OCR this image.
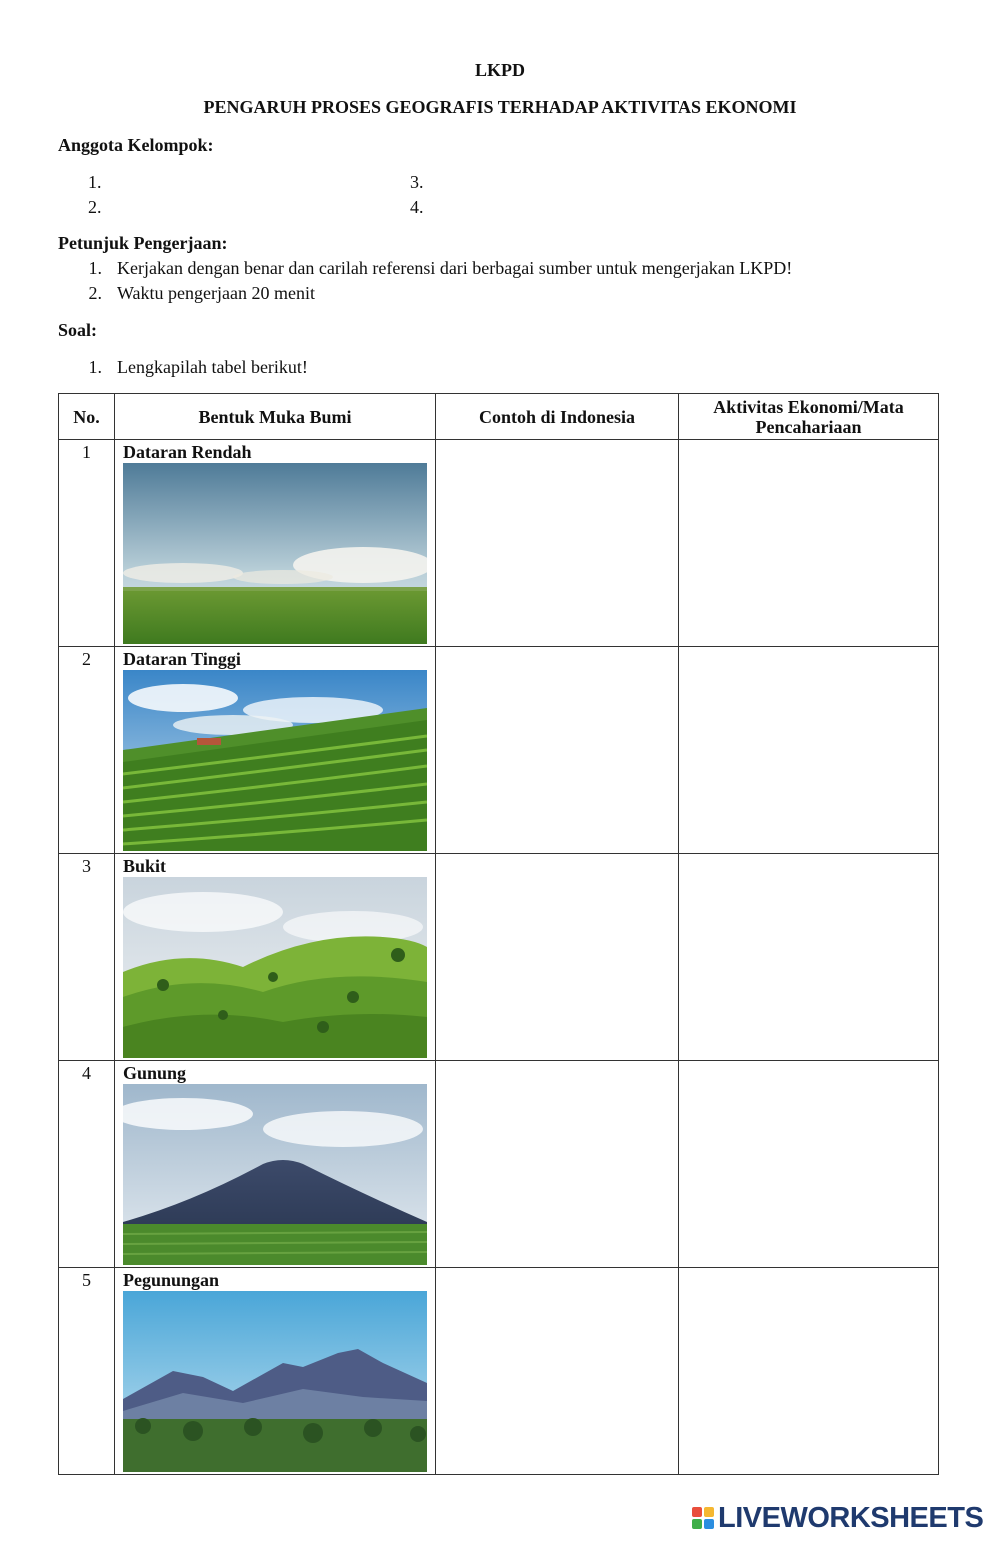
LKPD
PENGARUH PROSES GEOGRAFIS TERHADAP AKTIVITAS EKONOMI
Anggota Kelompok:
1.
2.
3.
4.
Petunjuk Pengerjaan:
1. Kerjakan dengan benar dan carilah referensi dari berbagai sumber untuk mengerjakan LKPD!
2. Waktu pengerjaan 20 menit
Soal:
1. Lengkapilah tabel berikut!
No.	Bentuk Muka Bumi	Contoh di Indonesia	Aktivitas Ekonomi/Mata Pencahariaan
1	Dataran Rendah		

2	Dataran Tinggi		

3	Bukit		

4	Gunung		

5	Pegunungan		

LIVEWORKSHEETS
